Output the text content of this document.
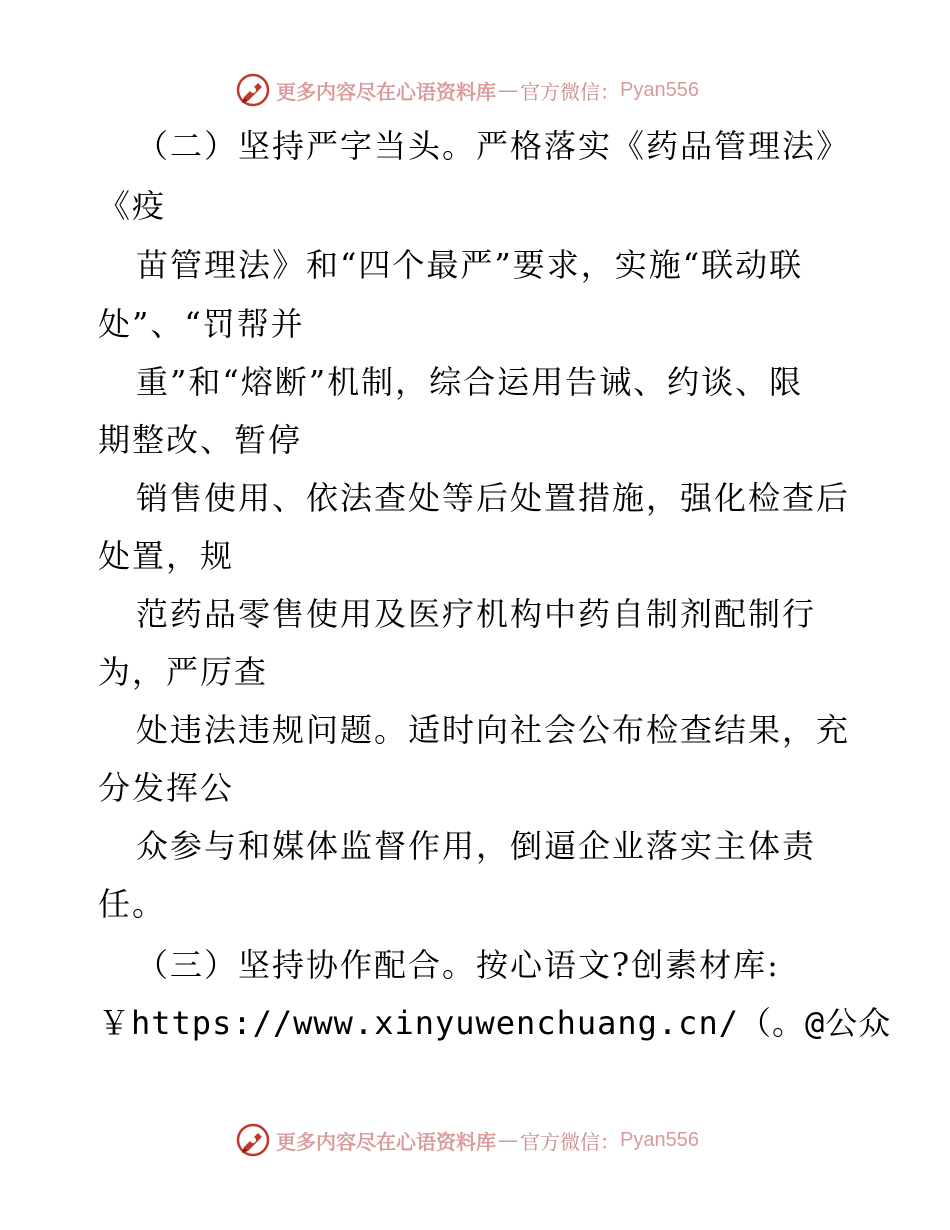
更多内容尽在心语资料库 — 官方微信： Pyan556
（二）坚持严字当头。严格落实《药品管理法》
《疫
苗管理法》和“四个最严”要求，实施“联动联
处”、“罚帮并
重”和“熔断”机制，综合运用告诫、约谈、限
期整改、暂停
销售使用、依法查处等后处置措施，强化检查后
处置，规
范药品零售使用及医疗机构中药自制剂配制行
为，严厉查
处违法违规问题。适时向社会公布检查结果，充
分发挥公
众参与和媒体监督作用，倒逼企业落实主体责
任。
（三）坚持协作配合。按心语文?创素材库:
￥https://www.xinyuwenchuang.cn/（。@公众
更多内容尽在心语资料库 — 官方微信： Pyan556
